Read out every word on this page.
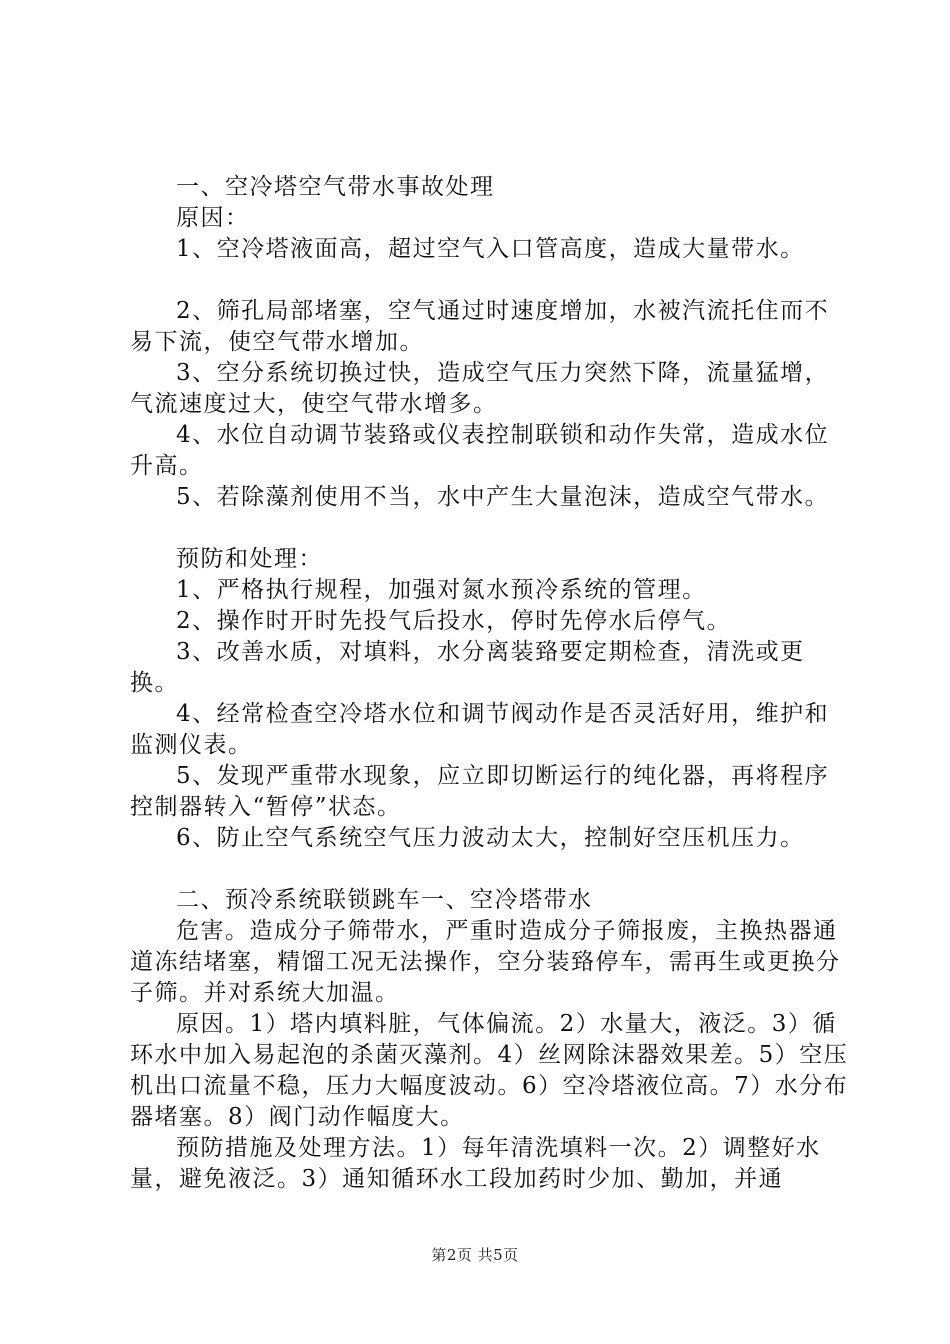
一、空冷塔空气带水事故处理

原因：

1、空冷塔液面高，超过空气入口管高度，造成大量带水。

2、筛孔局部堵塞，空气通过时速度增加，水被汽流托住而不易下流，使空气带水增加。

3、空分系统切换过快，造成空气压力突然下降，流量猛增，气流速度过大，使空气带水增多。

4、水位自动调节装臵或仪表控制联锁和动作失常，造成水位升高。

5、若除藻剂使用不当，水中产生大量泡沫，造成空气带水。

预防和处理：

1、严格执行规程，加强对氮水预冷系统的管理。

2、操作时开时先投气后投水，停时先停水后停气。

3、改善水质，对填料，水分离装臵要定期检查，清洗或更换。

4、经常检查空冷塔水位和调节阀动作是否灵活好用，维护和监测仪表。

5、发现严重带水现象，应立即切断运行的纯化器，再将程序控制器转入“暂停”状态。

6、防止空气系统空气压力波动太大，控制好空压机压力。

二、预冷系统联锁跳车一、空冷塔带水

危害。造成分子筛带水，严重时造成分子筛报废，主换热器通道冻结堵塞，精馏工况无法操作，空分装臵停车，需再生或更换分子筛。并对系统大加温。

原因。1）塔内填料脏，气体偏流。2）水量大，液泛。3）循环水中加入易起泡的杀菌灭藻剂。4）丝网除沫器效果差。5）空压机出口流量不稳，压力大幅度波动。6）空冷塔液位高。7）水分布器堵塞。8）阀门动作幅度大。

预防措施及处理方法。1）每年清洗填料一次。2）调整好水量，避免液泛。3）通知循环水工段加药时少加、勤加，并通

第2页 共5页
